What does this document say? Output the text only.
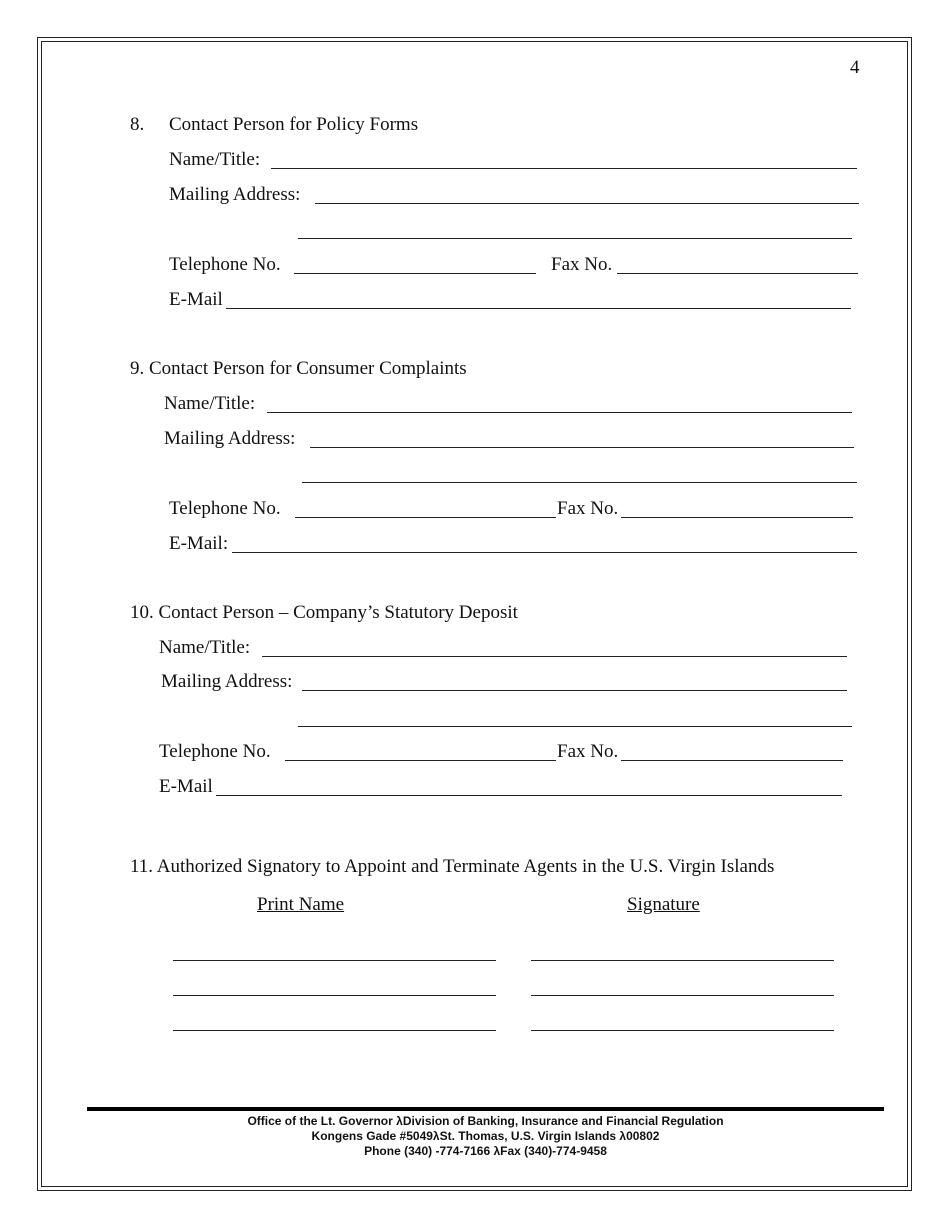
4
8. Contact Person for Policy Forms
Name/Title:
Mailing Address:
Telephone No.	Fax No.
E-Mail
9. Contact Person for Consumer Complaints
Name/Title:
Mailing Address:
Telephone No.	Fax No.
E-Mail:
10. Contact Person – Company’s Statutory Deposit
Name/Title:
Mailing Address:
Telephone No.	Fax No.
E-Mail
11. Authorized Signatory to Appoint and Terminate Agents in the U.S. Virgin Islands
Print Name	Signature
Office of the Lt. Governor λDivision of Banking, Insurance and Financial Regulation
Kongens Gade #5049λSt. Thomas, U.S. Virgin Islands λ00802
Phone (340) -774-7166 λFax (340)-774-9458
